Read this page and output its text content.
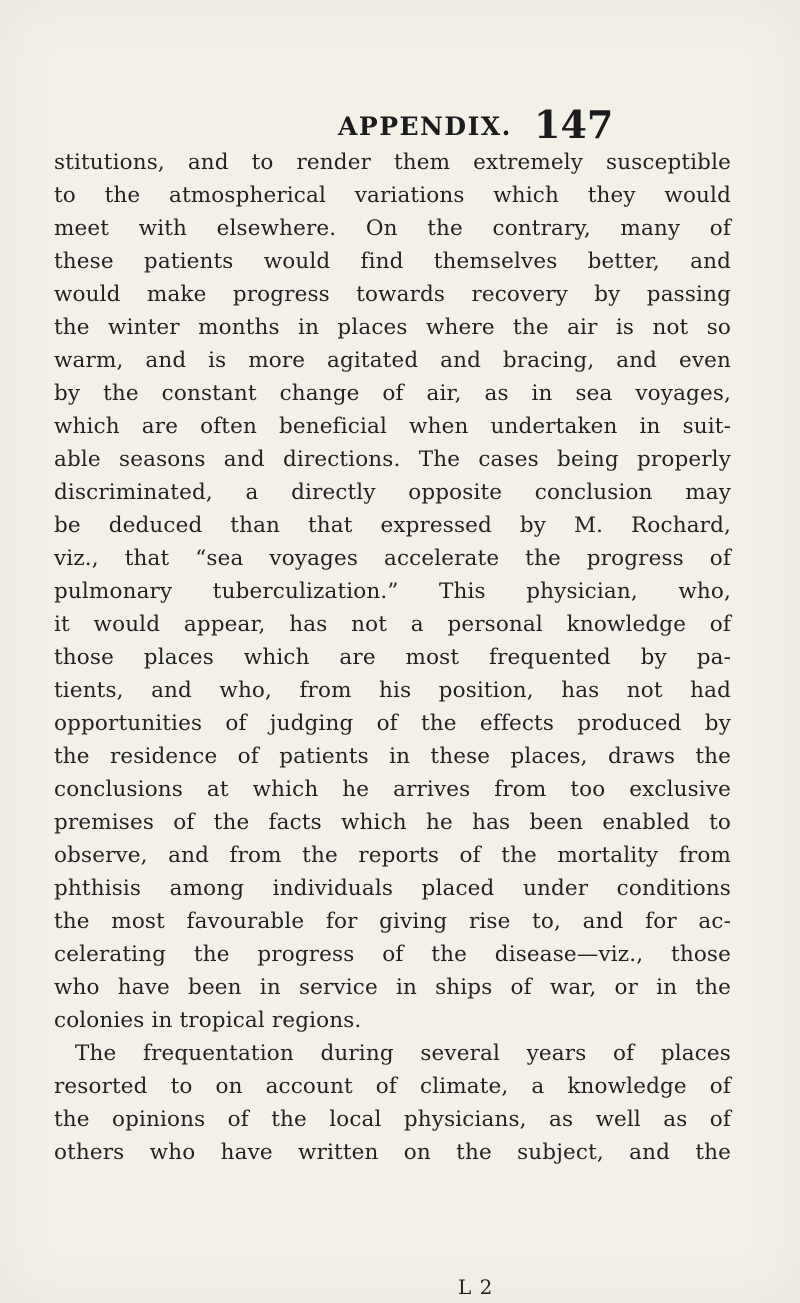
APPENDIX. 147
stitutions, and to render them extremely susceptible
to the atmospherical variations which they would
meet with elsewhere. On the contrary, many of
these patients would find themselves better, and
would make progress towards recovery by passing
the winter months in places where the air is not so
warm, and is more agitated and bracing, and even
by the constant change of air, as in sea voyages,
which are often beneficial when undertaken in suit-
able seasons and directions. The cases being properly
discriminated, a directly opposite conclusion may
be deduced than that expressed by M. Rochard,
viz., that “sea voyages accelerate the progress of
pulmonary tuberculization.” This physician, who,
it would appear, has not a personal knowledge of
those places which are most frequented by pa-
tients, and who, from his position, has not had
opportunities of judging of the effects produced by
the residence of patients in these places, draws the
conclusions at which he arrives from too exclusive
premises of the facts which he has been enabled to
observe, and from the reports of the mortality from
phthisis among individuals placed under conditions
the most favourable for giving rise to, and for ac-
celerating the progress of the disease—viz., those
who have been in service in ships of war, or in the
colonies in tropical regions.
The frequentation during several years of places
resorted to on account of climate, a knowledge of
the opinions of the local physicians, as well as of
others who have written on the subject, and the
L 2
